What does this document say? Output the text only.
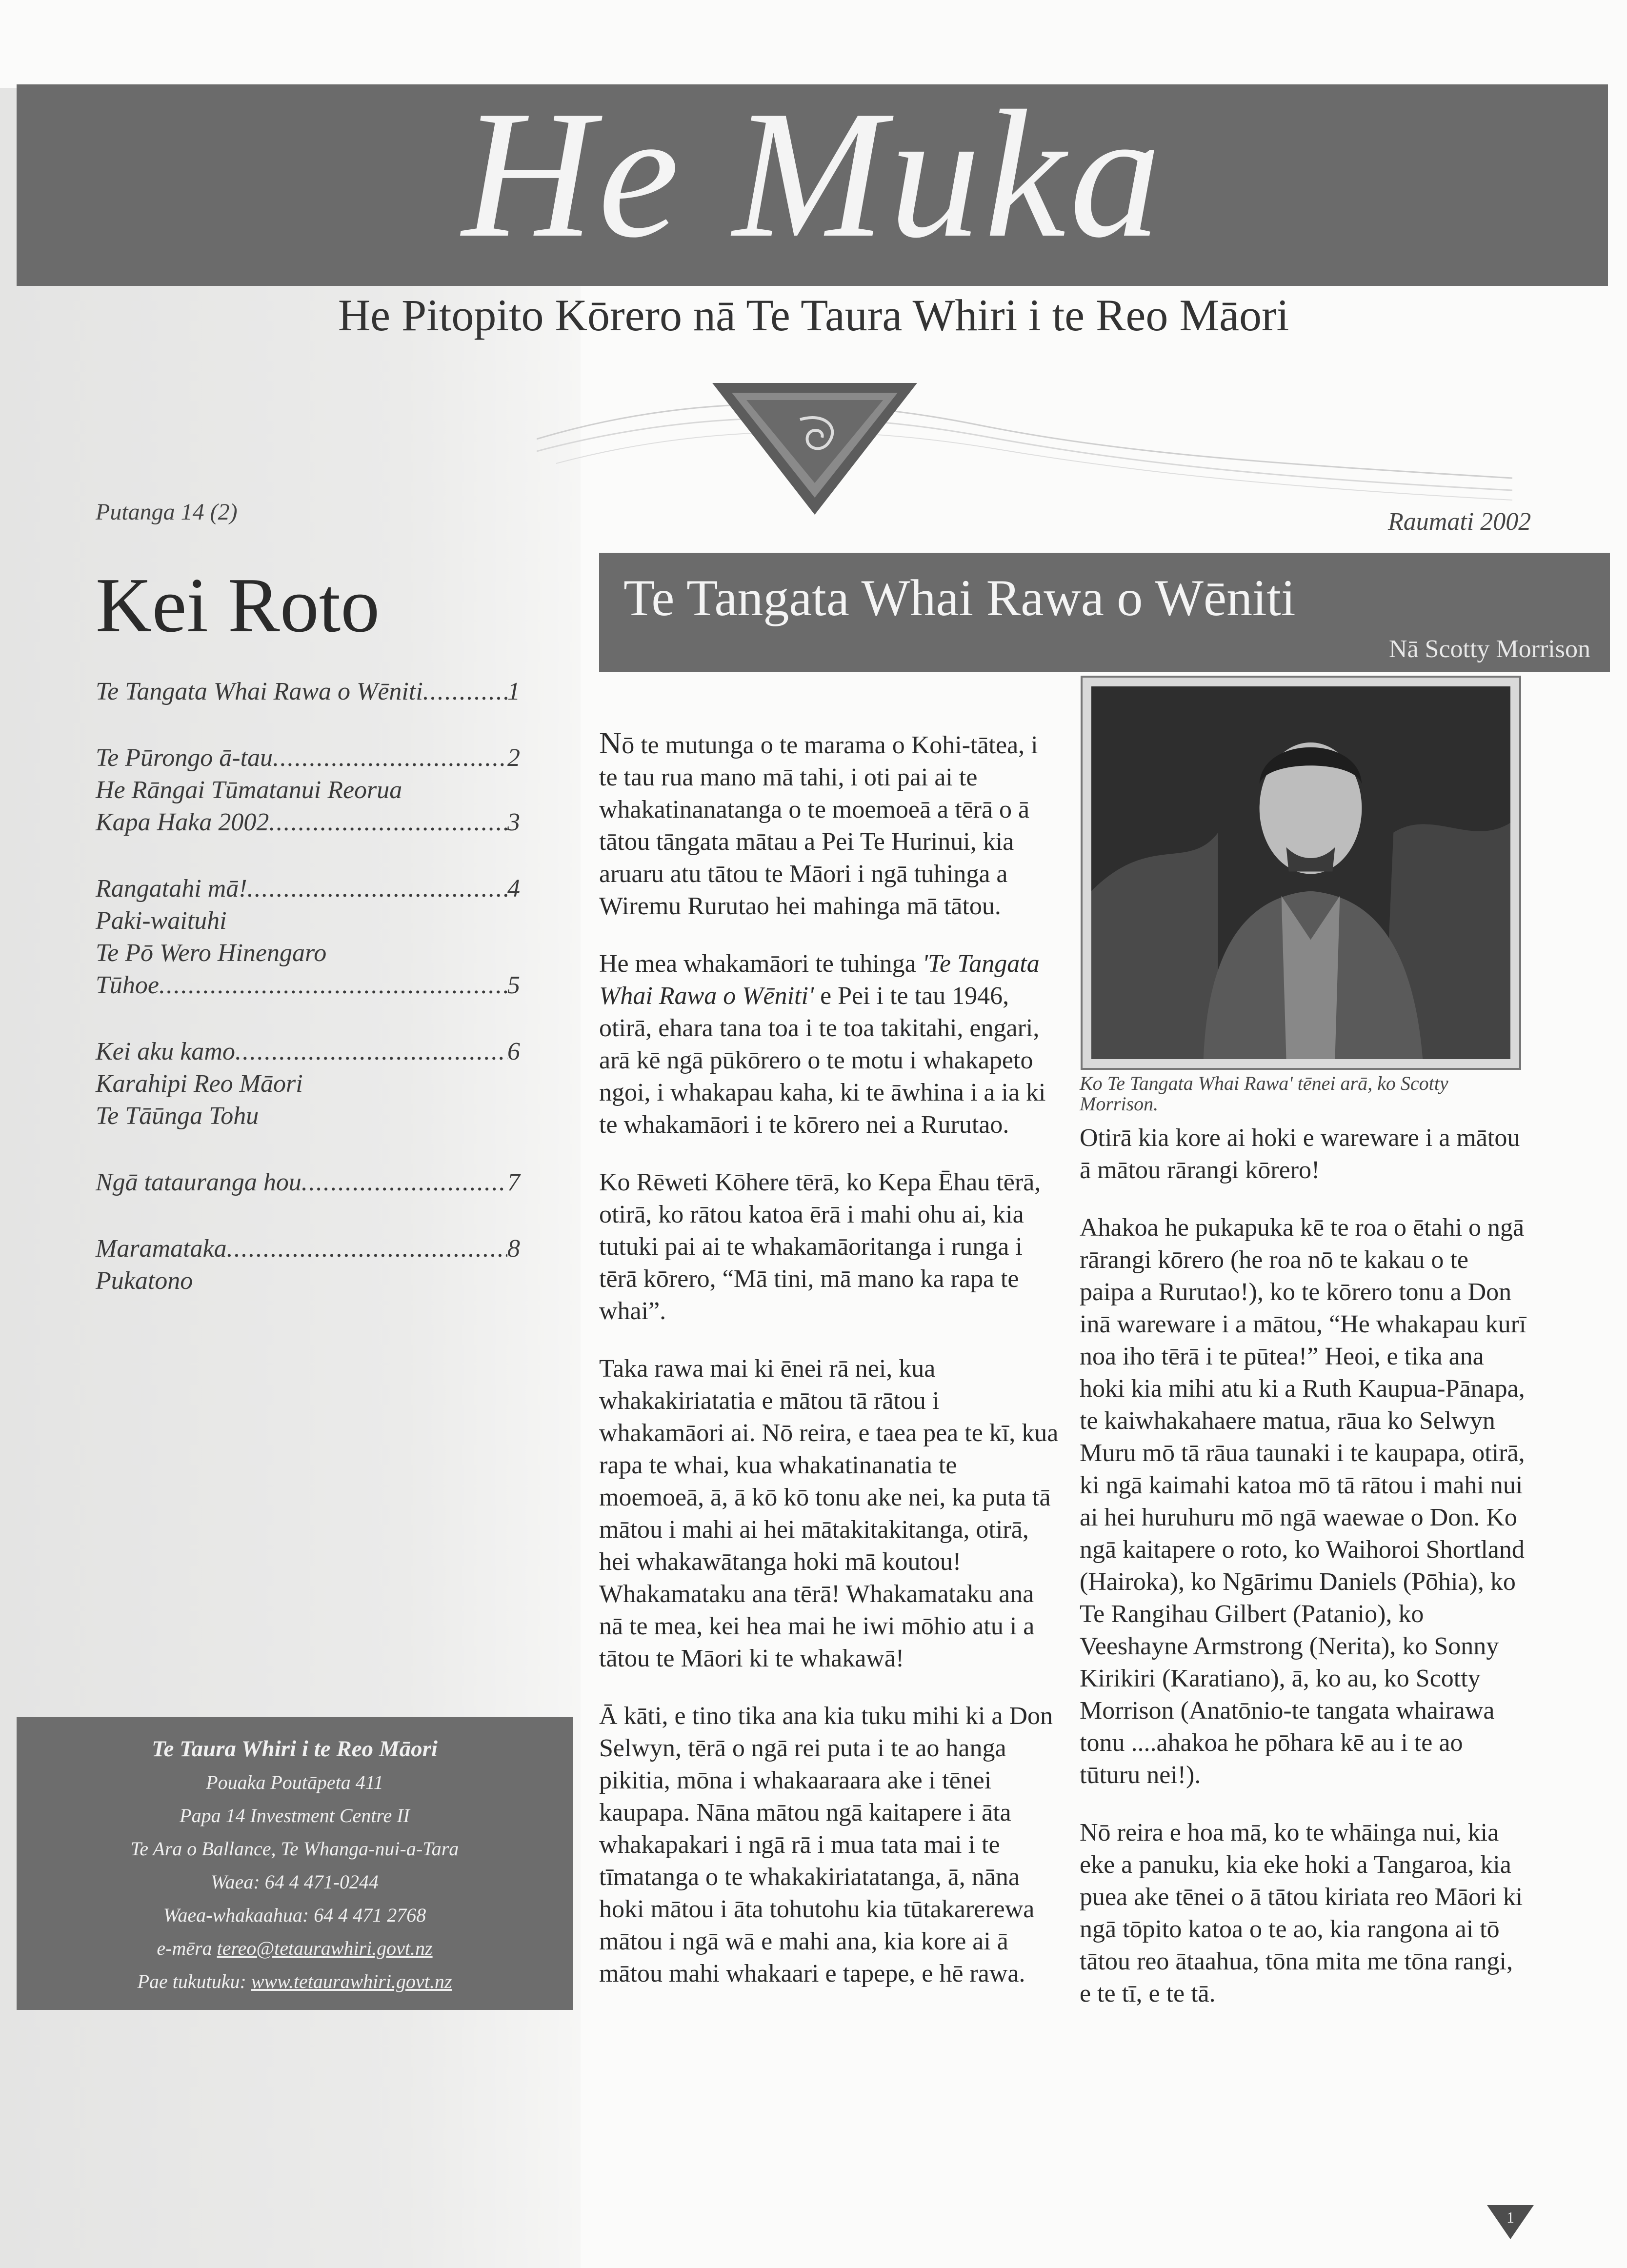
He Muka
He Pitopito Kōrero nā Te Taura Whiri i te Reo Māori
Putanga 14 (2)	Raumati 2002
Kei Roto
Te Tangata Whai Rawa o Wēniti .....	1
Te Pūrongo ā-tau .....	2
He Rāngai Tūmatanui Reorua
Kapa Haka 2002 .....	3
Rangatahi mā! .....	4
Paki-waituhi
Te Pō Wero Hinengaro
Tūhoe .....	5
Kei aku kamo .....	6
Karahipi Reo Māori
Te Tāūnga Tohu
Ngā tatauranga hou .....	7
Maramataka .....	8
Pukatono
Te Taura Whiri i te Reo Māori
Pouaka Poutāpeta 411
Papa 14 Investment Centre II
Te Ara o Ballance, Te Whanga-nui-a-Tara
Waea: 64 4 471-0244
Waea-whakaahua: 64 4 471 2768
e-mēra tereo@tetaurawhiri.govt.nz
Pae tukutuku: www.tetaurawhiri.govt.nz
Te Tangata Whai Rawa o Wēniti
Nā Scotty Morrison

Nō te mutunga o te marama o Kohi-tātea, i te tau rua mano mā tahi, i oti pai ai te whakatinanatanga o te moemoeā a tērā o ā tātou tāngata mātau a Pei Te Hurinui, kia aruaru atu tātou te Māori i ngā tuhinga a Wiremu Rurutao hei mahinga mā tātou.

He mea whakamāori te tuhinga 'Te Tangata Whai Rawa o Wēniti' e Pei i te tau 1946, otirā, ehara tana toa i te toa takitahi, engari, arā kē ngā pūkōrero o te motu i whakapeto ngoi, i whakapau kaha, ki te āwhina i a ia ki te whakamāori i te kōrero nei a Rurutao.

Ko Rēweti Kōhere tērā, ko Kepa Ēhau tērā, otirā, ko rātou katoa ērā i mahi ohu ai, kia tutuki pai ai te whakamāoritanga i runga i tērā kōrero, “Mā tini, mā mano ka rapa te whai”.

Taka rawa mai ki ēnei rā nei, kua whakakiriatatia e mātou tā rātou i whakamāori ai. Nō reira, e taea pea te kī, kua rapa te whai, kua whakatinanatia te moemoeā, ā, ā kō kō tonu ake nei, ka puta tā mātou i mahi ai hei mātakitakitanga, otirā, hei whakawātanga hoki mā koutou! Whakamataku ana tērā! Whakamataku ana nā te mea, kei hea mai he iwi mōhio atu i a tātou te Māori ki te whakawā!

Ā kāti, e tino tika ana kia tuku mihi ki a Don Selwyn, tērā o ngā rei puta i te ao hanga pikitia, mōna i whakaaraara ake i tēnei kaupapa. Nāna mātou ngā kaitapere i āta whakapakari i ngā rā i mua tata mai i te tīmatanga o te whakakiriatatanga, ā, nāna hoki mātou i āta tohutohu kia tūtakarerewa mātou i ngā wā e mahi ana, kia kore ai ā mātou mahi whakaari e tapepe, e hē rawa.

Ko Te Tangata Whai Rawa' tēnei arā, ko Scotty Morrison.

Otirā kia kore ai hoki e wareware i a mātou ā mātou rārangi kōrero!

Ahakoa he pukapuka kē te roa o ētahi o ngā rārangi kōrero (he roa nō te kakau o te paipa a Rurutao!), ko te kōrero tonu a Don inā wareware i a mātou, “He whakapau kurī noa iho tērā i te pūtea!” Heoi, e tika ana hoki kia mihi atu ki a Ruth Kaupua-Pānapa, te kaiwhakahaere matua, rāua ko Selwyn Muru mō tā rāua taunaki i te kaupapa, otirā, ki ngā kaimahi katoa mō tā rātou i mahi nui ai hei huruhuru mō ngā waewae o Don. Ko ngā kaitapere o roto, ko Waihoroi Shortland (Hairoka), ko Ngārimu Daniels (Pōhia), ko Te Rangihau Gilbert (Patanio), ko Veeshayne Armstrong (Nerita), ko Sonny Kirikiri (Karatiano), ā, ko au, ko Scotty Morrison (Anatōnio-te tangata whairawa tonu ....ahakoa he pōhara kē au i te ao tūturu nei!).

Nō reira e hoa mā, ko te whāinga nui, kia eke a panuku, kia eke hoki a Tangaroa, kia puea ake tēnei o ā tātou kiriata reo Māori ki ngā tōpito katoa o te ao, kia rangona ai tō tātou reo ātaahua, tōna mita me tōna rangi, e te tī, e te tā.

1
